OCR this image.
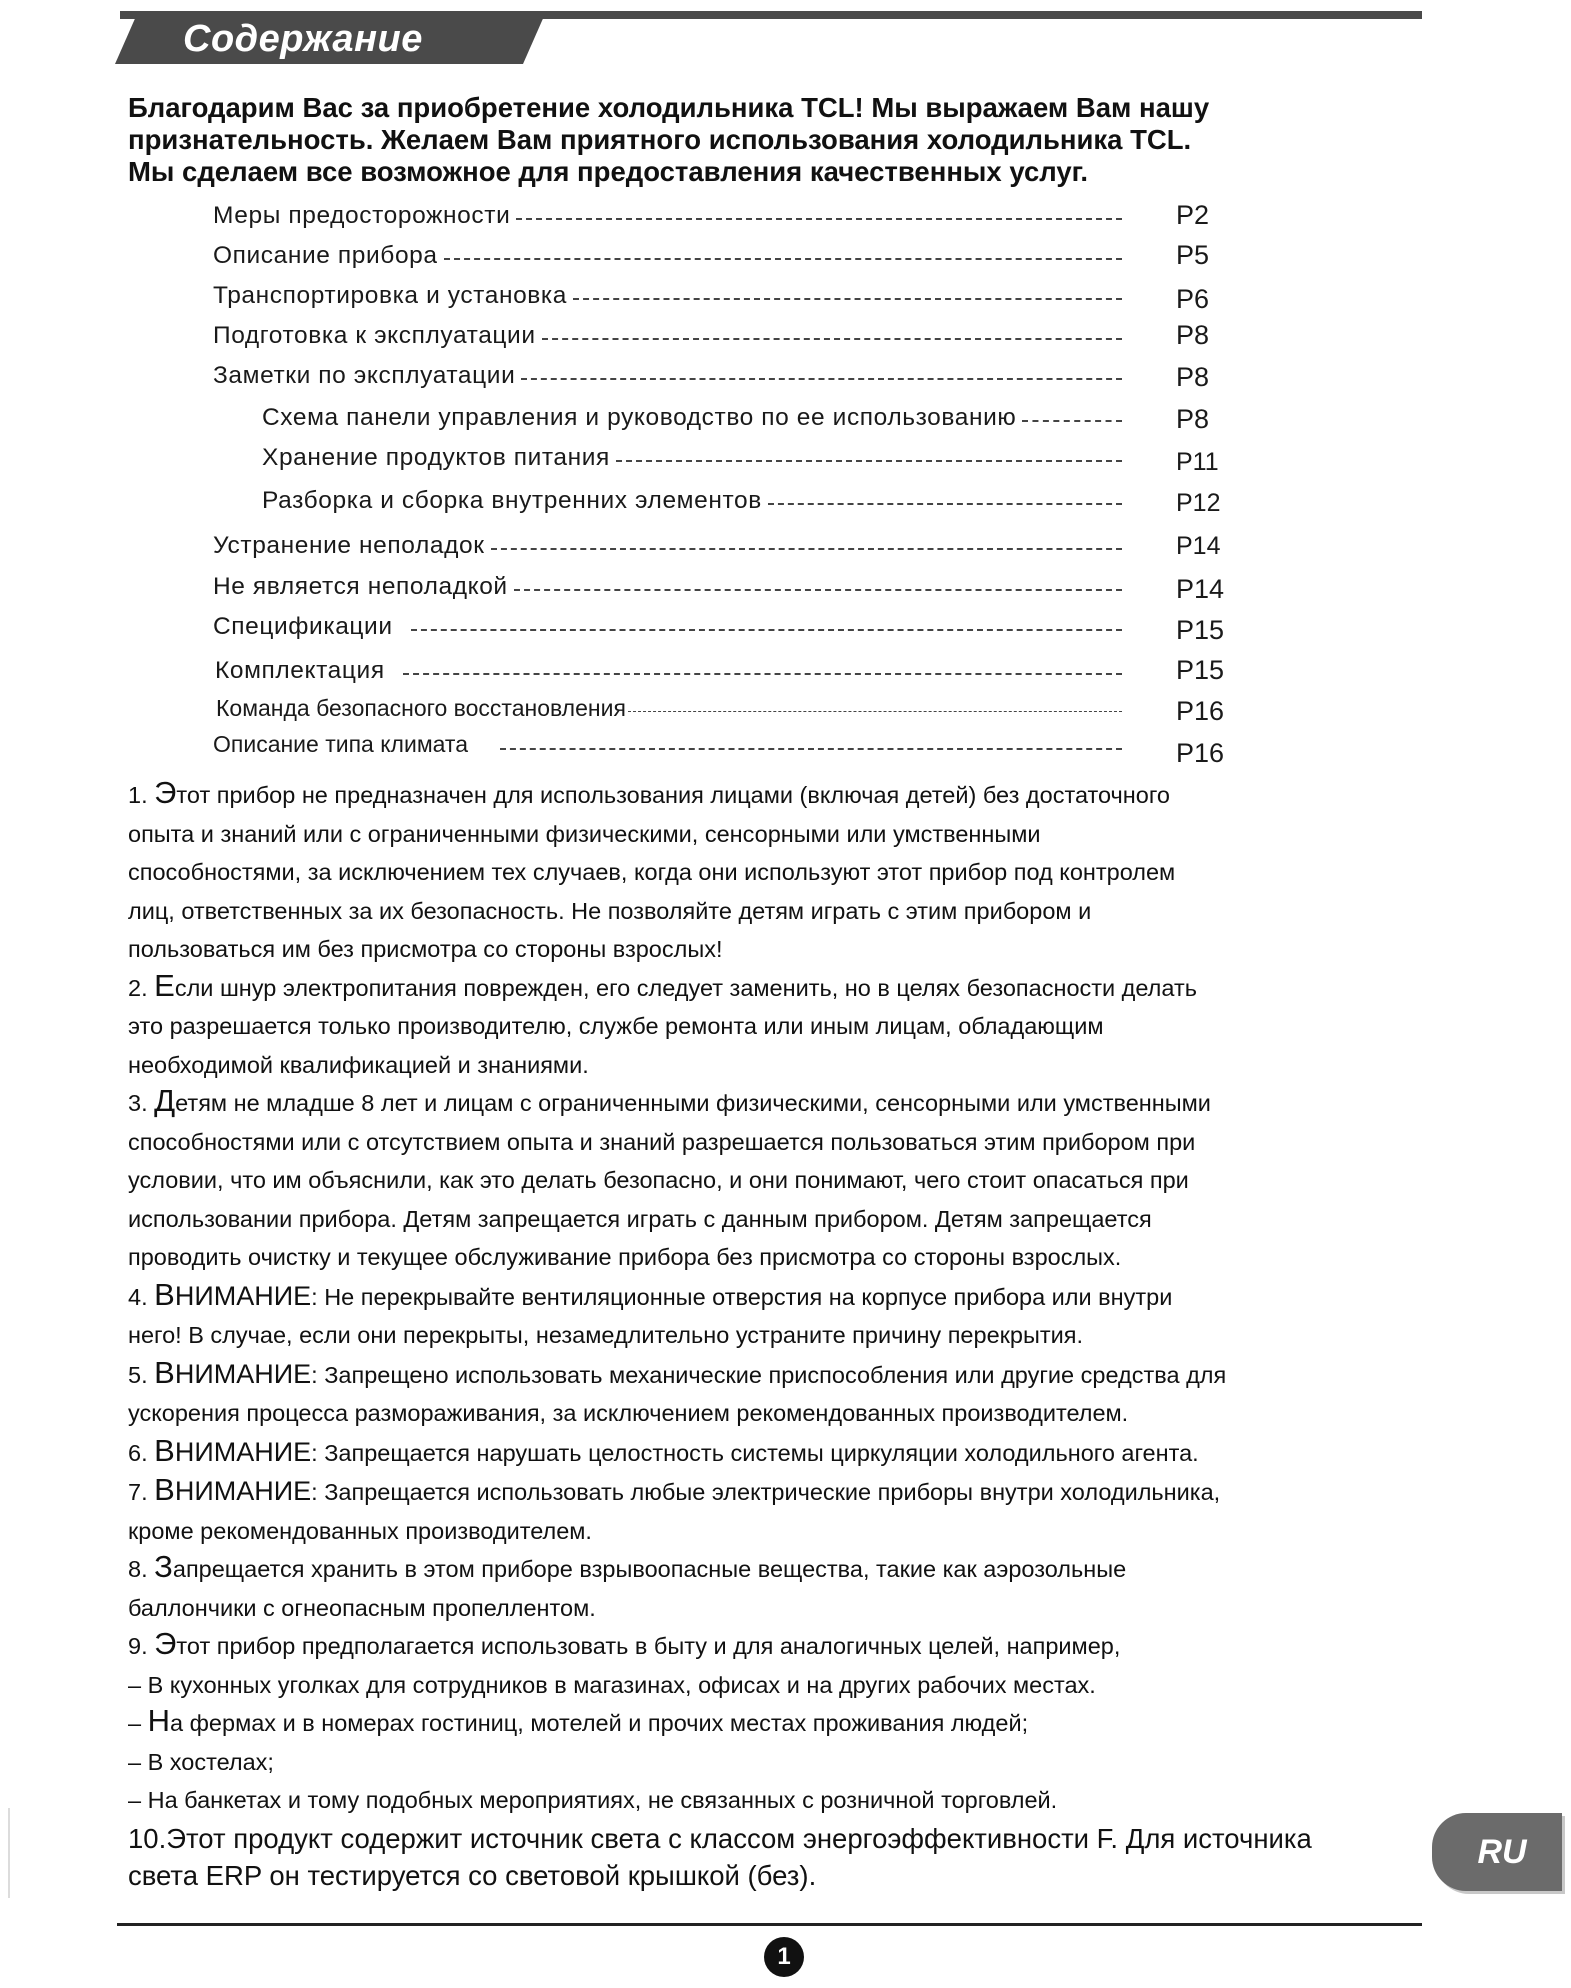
Содержание
Благодарим Вас за приобретение холодильника TCL! Мы выражаем Вам нашу
признательность. Желаем Вам приятного использования холодильника TCL.
Мы сделаем все возможное для предоставления качественных услуг.
Меры предосторожности	P2
Описание прибора	P5
Транспортировка и установка	P6
Подготовка к эксплуатации	P8
Заметки по эксплуатации	P8
Схема панели управления и руководство по ее использованию	P8
Хранение продуктов питания	P11
Разборка и сборка внутренних элементов	P12
Устранение неполадок	P14
Не является неполадкой	P14
Спецификации	P15
Комплектация	P15
Команда безопасного восстановления	P16
Описание типа климата	P16
1. Этот прибор не предназначен для использования лицами (включая детей) без достаточного
опыта и знаний или с ограниченными физическими, сенсорными или умственными
способностями, за исключением тех случаев, когда они используют этот прибор под контролем
лиц, ответственных за их безопасность. Не позволяйте детям играть с этим прибором и
пользоваться им без присмотра со стороны взрослых!
2. Если шнур электропитания поврежден, его следует заменить, но в целях безопасности делать
это разрешается только производителю, службе ремонта или иным лицам, обладающим
необходимой квалификацией и знаниями.
3. Детям не младше 8 лет и лицам с ограниченными физическими, сенсорными или умственными
способностями или с отсутствием опыта и знаний разрешается пользоваться этим прибором при
условии, что им объяснили, как это делать безопасно, и они понимают, чего стоит опасаться при
использовании прибора. Детям запрещается играть с данным прибором. Детям запрещается
проводить очистку и текущее обслуживание прибора без присмотра со стороны взрослых.
4. ВНИМАНИЕ: Не перекрывайте вентиляционные отверстия на корпусе прибора или внутри
него! В случае, если они перекрыты, незамедлительно устраните причину перекрытия.
5. ВНИМАНИЕ: Запрещено использовать механические приспособления или другие средства для
ускорения процесса размораживания, за исключением рекомендованных производителем.
6. ВНИМАНИЕ: Запрещается нарушать целостность системы циркуляции холодильного агента.
7. ВНИМАНИЕ: Запрещается использовать любые электрические приборы внутри холодильника,
кроме рекомендованных производителем.
8. Запрещается хранить в этом приборе взрывоопасные вещества, такие как аэрозольные
баллончики с огнеопасным пропеллентом.
9. Этот прибор предполагается использовать в быту и для аналогичных целей, например,
– В кухонных уголках для сотрудников в магазинах, офисах и на других рабочих местах.
– На фермах и в номерах гостиниц, мотелей и прочих местах проживания людей;
– В хостелах;
– На банкетах и тому подобных мероприятиях, не связанных с розничной торговлей.
10.Этот продукт содержит источник света с классом энергоэффективности F. Для источника
света ERP он тестируется со световой крышкой (без).
RU
1
